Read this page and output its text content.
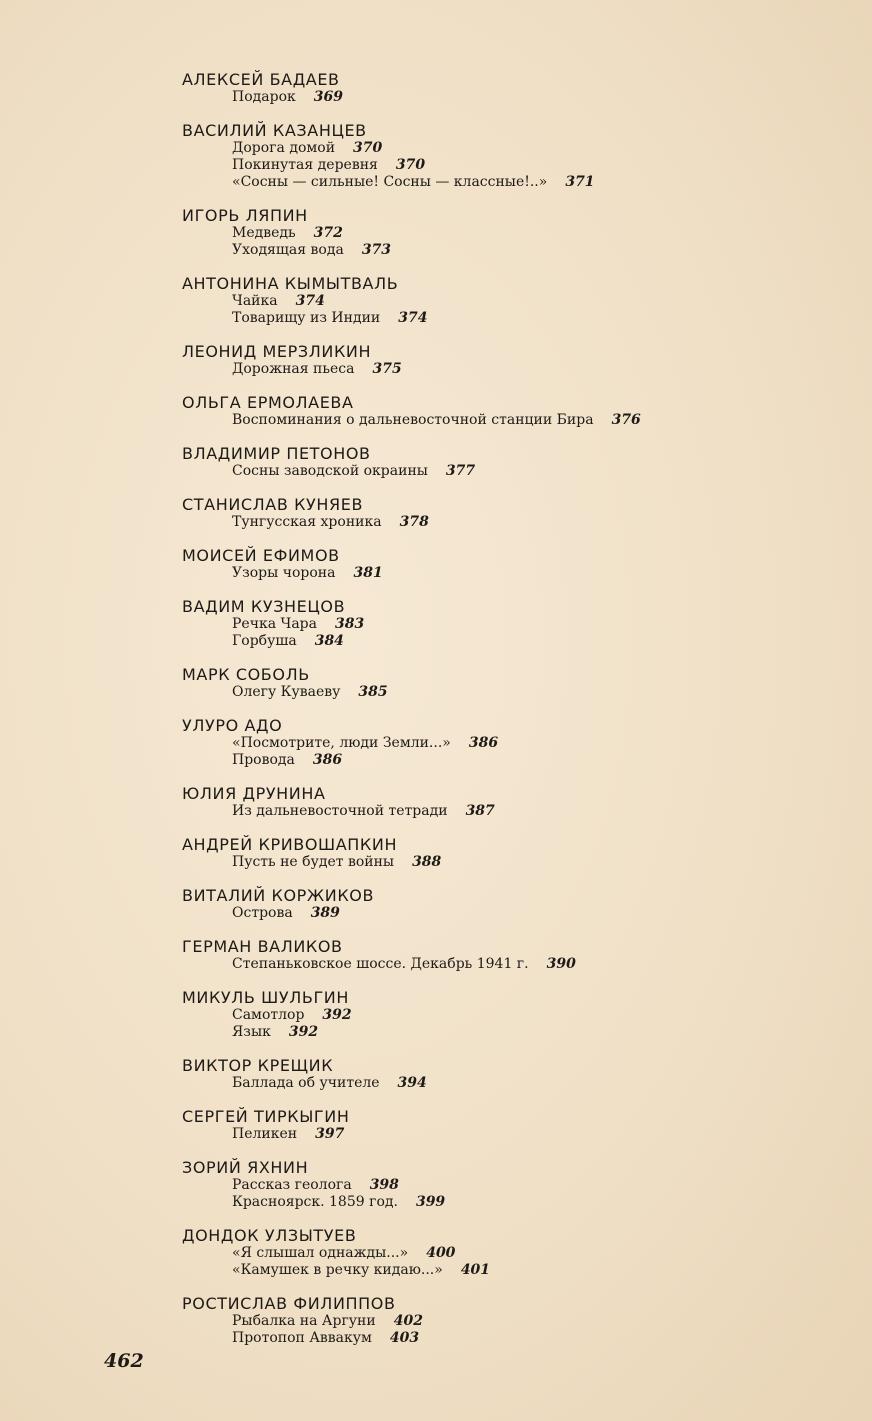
АЛЕКСЕЙ БАДАЕВ
Подарок 369
ВАСИЛИЙ КАЗАНЦЕВ
Дорога домой 370
Покинутая деревня 370
«Сосны — сильные! Сосны — классные!..» 371
ИГОРЬ ЛЯПИН
Медведь 372
Уходящая вода 373
АНТОНИНА КЫМЫТВАЛЬ
Чайка 374
Товарищу из Индии 374
ЛЕОНИД МЕРЗЛИКИН
Дорожная пьеса 375
ОЛЬГА ЕРМОЛАЕВА
Воспоминания о дальневосточной станции Бира 376
ВЛАДИМИР ПЕТОНОВ
Сосны заводской окраины 377
СТАНИСЛАВ КУНЯЕВ
Тунгусская хроника 378
МОИСЕЙ ЕФИМОВ
Узоры чорона 381
ВАДИМ КУЗНЕЦОВ
Речка Чара 383
Горбуша 384
МАРК СОБОЛЬ
Олегу Куваеву 385
УЛУРО АДО
«Посмотрите, люди Земли...» 386
Провода 386
ЮЛИЯ ДРУНИНА
Из дальневосточной тетради 387
АНДРЕЙ КРИВОШАПКИН
Пусть не будет войны 388
ВИТАЛИЙ КОРЖИКОВ
Острова 389
ГЕРМАН ВАЛИКОВ
Степаньковское шоссе. Декабрь 1941 г. 390
МИКУЛЬ ШУЛЬГИН
Самотлор 392
Язык 392
ВИКТОР КРЕЩИК
Баллада об учителе 394
СЕРГЕЙ ТИРКЫГИН
Пеликен 397
ЗОРИЙ ЯХНИН
Рассказ геолога 398
Красноярск. 1859 год. 399
ДОНДОК УЛЗЫТУЕВ
«Я слышал однажды...» 400
«Камушек в речку кидаю...» 401
РОСТИСЛАВ ФИЛИППОВ
Рыбалка на Аргуни 402
Протопоп Аввакум 403
462
